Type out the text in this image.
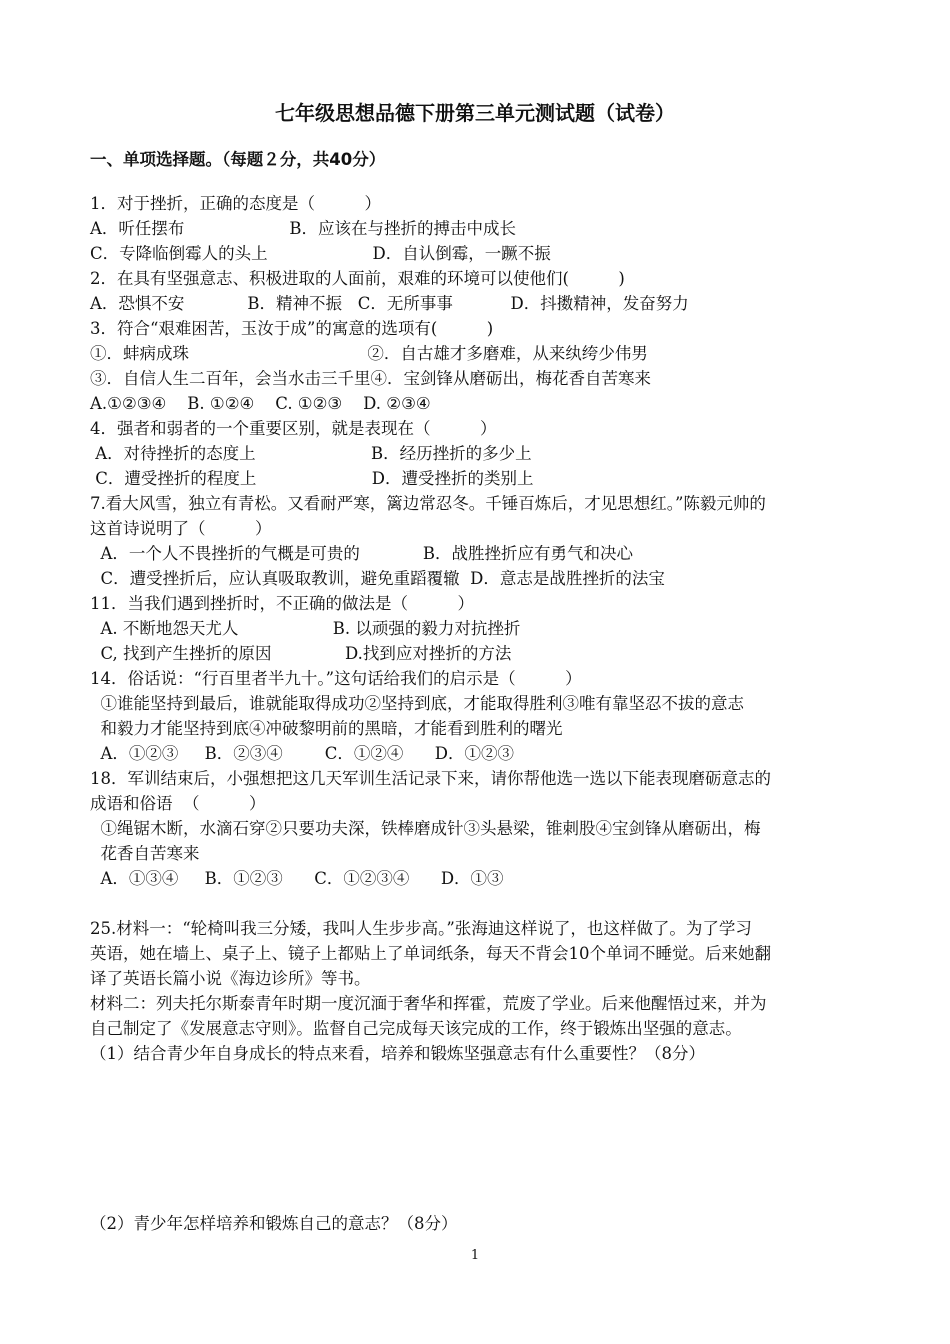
七年级思想品德下册第三单元测试题（试卷）
一、单项选择题。（每题２分，共40分）
1．对于挫折，正确的态度是（　　　）
A．听任摆布                    B．应该在与挫折的搏击中成长
C．专降临倒霉人的头上                    D．自认倒霉，一蹶不振
2．在具有坚强意志、积极进取的人面前，艰难的环境可以使他们(　　　)
A．恐惧不安            B．精神不振   C．无所事事           D．抖擞精神，发奋努力
3．符合“艰难困苦，玉汝于成”的寓意的选项有(　　　)
①．蚌病成珠                                  ②．自古雄才多磨难，从来纨绔少伟男
③．自信人生二百年，会当水击三千里④．宝剑锋从磨砺出，梅花香自苦寒来
A.①②③④    B. ①②④    C. ①②③    D. ②③④
4．强者和弱者的一个重要区别，就是表现在（　　　）
A．对待挫折的态度上                      B．经历挫折的多少上
C．遭受挫折的程度上                      D．遭受挫折的类别上
7.看大风雪，独立有青松。又看耐严寒，篱边常忍冬。千锤百炼后，才见思想红。”陈毅元帅的
这首诗说明了（　　　）
A．一个人不畏挫折的气概是可贵的            B．战胜挫折应有勇气和决心
C．遭受挫折后，应认真吸取教训，避免重蹈覆辙  D．意志是战胜挫折的法宝
11．当我们遇到挫折时，不正确的做法是（　　　）
A. 不断地怨天尤人                  B. 以顽强的毅力对抗挫折
C, 找到产生挫折的原因              D.找到应对挫折的方法
14．俗话说：“行百里者半九十。”这句话给我们的启示是（　　　）
①谁能坚持到最后，谁就能取得成功②坚持到底，才能取得胜利③唯有靠坚忍不拔的意志
和毅力才能坚持到底④冲破黎明前的黑暗，才能看到胜利的曙光
A．①②③     B．②③④        C．①②④      D．①②③
18．军训结束后，小强想把这几天军训生活记录下来，请你帮他选一选以下能表现磨砺意志的
成语和俗语  （　　　）
①绳锯木断，水滴石穿②只要功夫深，铁棒磨成针③头悬梁，锥刺股④宝剑锋从磨砺出，梅
花香自苦寒来
A．①③④     B．①②③      C．①②③④      D．①③
25.材料一：“轮椅叫我三分矮，我叫人生步步高。”张海迪这样说了，也这样做了。为了学习
英语，她在墙上、桌子上、镜子上都贴上了单词纸条，每天不背会10个单词不睡觉。后来她翻
译了英语长篇小说《海边诊所》等书。
材料二：列夫托尔斯泰青年时期一度沉湎于奢华和挥霍，荒废了学业。后来他醒悟过来，并为
自己制定了《发展意志守则》。监督自己完成每天该完成的工作，终于锻炼出坚强的意志。
（1）结合青少年自身成长的特点来看，培养和锻炼坚强意志有什么重要性？（8分）
（2）青少年怎样培养和锻炼自己的意志？（8分）
1
